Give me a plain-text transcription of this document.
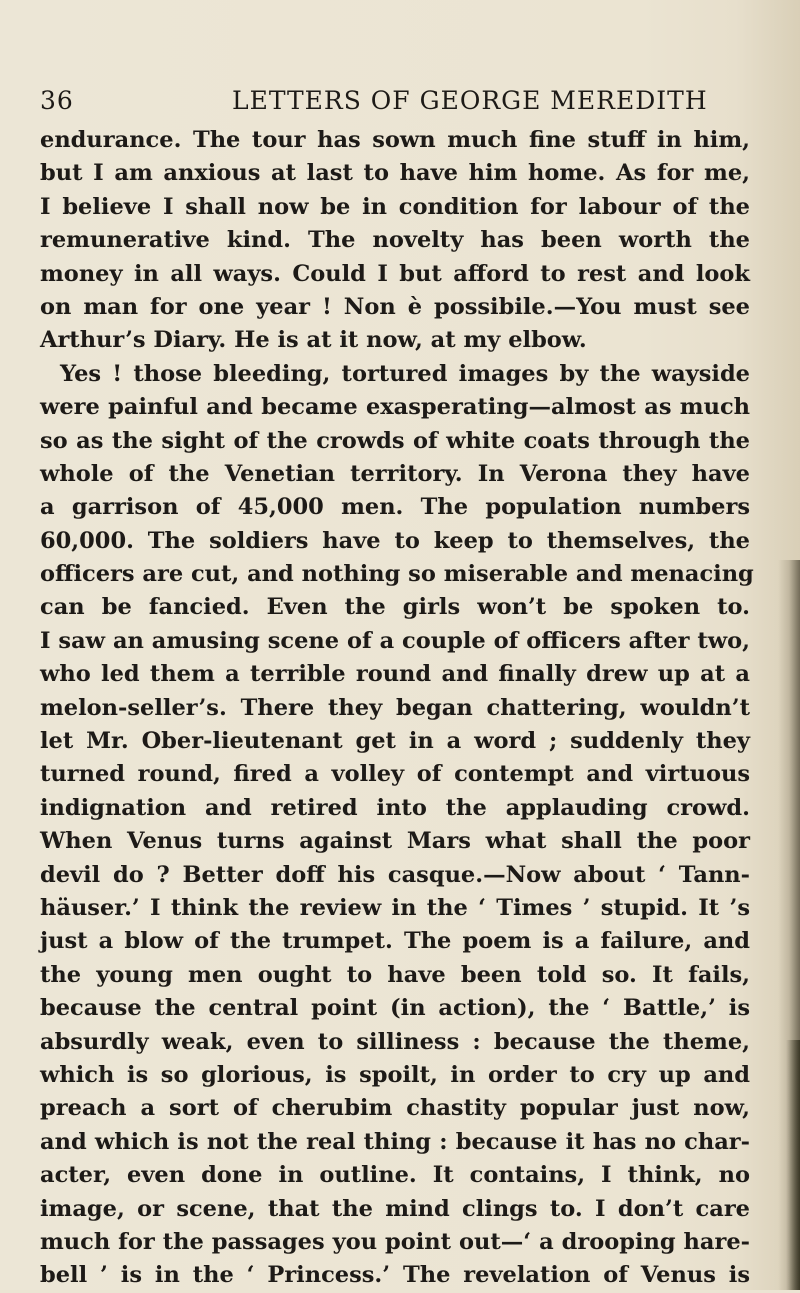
36	LETTERS OF GEORGE MEREDITH
endurance. The tour has sown much fine stuff in him,
but I am anxious at last to have him home. As for me,
I believe I shall now be in condition for labour of the
remunerative kind. The novelty has been worth the
money in all ways. Could I but afford to rest and look
on man for one year ! Non è possibile.—You must see
Arthur’s Diary. He is at it now, at my elbow.
Yes ! those bleeding, tortured images by the wayside
were painful and became exasperating—almost as much
so as the sight of the crowds of white coats through the
whole of the Venetian territory. In Verona they have
a garrison of 45,000 men. The population numbers
60,000. The soldiers have to keep to themselves, the
officers are cut, and nothing so miserable and menacing
can be fancied. Even the girls won’t be spoken to.
I saw an amusing scene of a couple of officers after two,
who led them a terrible round and finally drew up at a
melon-seller’s. There they began chattering, wouldn’t
let Mr. Ober-lieutenant get in a word ; suddenly they
turned round, fired a volley of contempt and virtuous
indignation and retired into the applauding crowd.
When Venus turns against Mars what shall the poor
devil do ? Better doff his casque.—Now about ‘ Tann-
häuser.’ I think the review in the ‘ Times ’ stupid. It ’s
just a blow of the trumpet. The poem is a failure, and
the young men ought to have been told so. It fails,
because the central point (in action), the ‘ Battle,’ is
absurdly weak, even to silliness : because the theme,
which is so glorious, is spoilt, in order to cry up and
preach a sort of cherubim chastity popular just now,
and which is not the real thing : because it has no char-
acter, even done in outline. It contains, I think, no
image, or scene, that the mind clings to. I don’t care
much for the passages you point out—‘ a drooping hare-
bell ’ is in the ‘ Princess.’ The revelation of Venus is
